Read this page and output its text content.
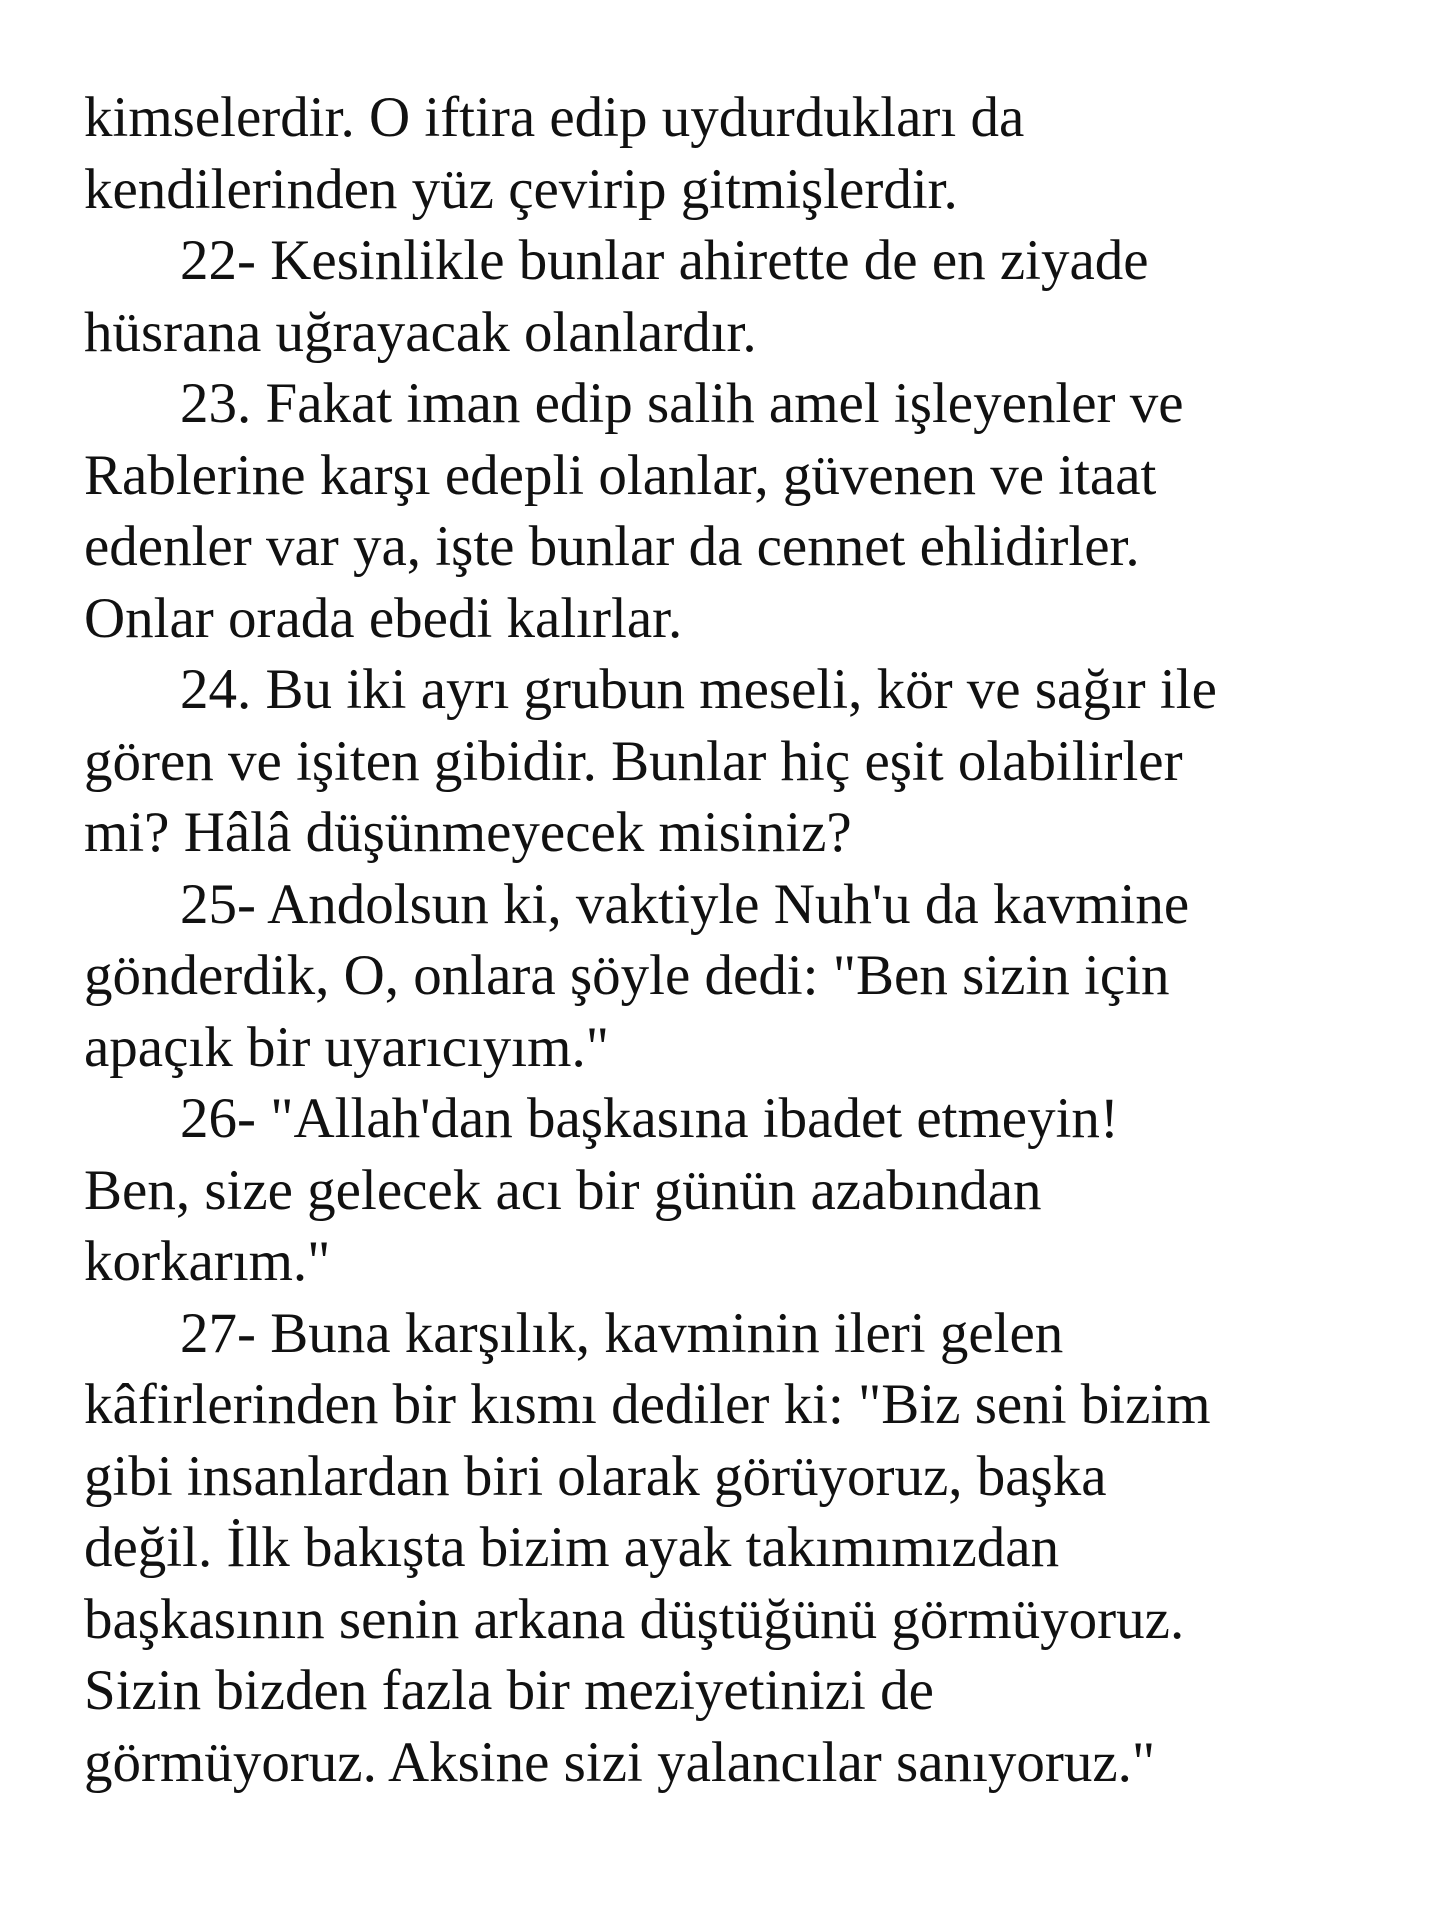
kimselerdir. O iftira edip uydurdukları da
kendilerinden yüz çevirip gitmişlerdir.

22- Kesinlikle bunlar ahirette de en ziyade
hüsrana uğrayacak olanlardır.

23. Fakat iman edip salih amel işleyenler ve
Rablerine karşı edepli olanlar, güvenen ve itaat
edenler var ya, işte bunlar da cennet ehlidirler.
Onlar orada ebedi kalırlar.

24. Bu iki ayrı grubun meseli, kör ve sağır ile
gören ve işiten gibidir. Bunlar hiç eşit olabilirler
mi? Hâlâ düşünmeyecek misiniz?

25- Andolsun ki, vaktiyle Nuh'u da kavmine
gönderdik, O, onlara şöyle dedi: "Ben sizin için
apaçık bir uyarıcıyım."

26- "Allah'dan başkasına ibadet etmeyin!
Ben, size gelecek acı bir günün azabından
korkarım."

27- Buna karşılık, kavminin ileri gelen
kâfirlerinden bir kısmı dediler ki: "Biz seni bizim
gibi insanlardan biri olarak görüyoruz, başka
değil. İlk bakışta bizim ayak takımımızdan
başkasının senin arkana düştüğünü görmüyoruz.
Sizin bizden fazla bir meziyetinizi de
görmüyoruz. Aksine sizi yalancılar sanıyoruz."
